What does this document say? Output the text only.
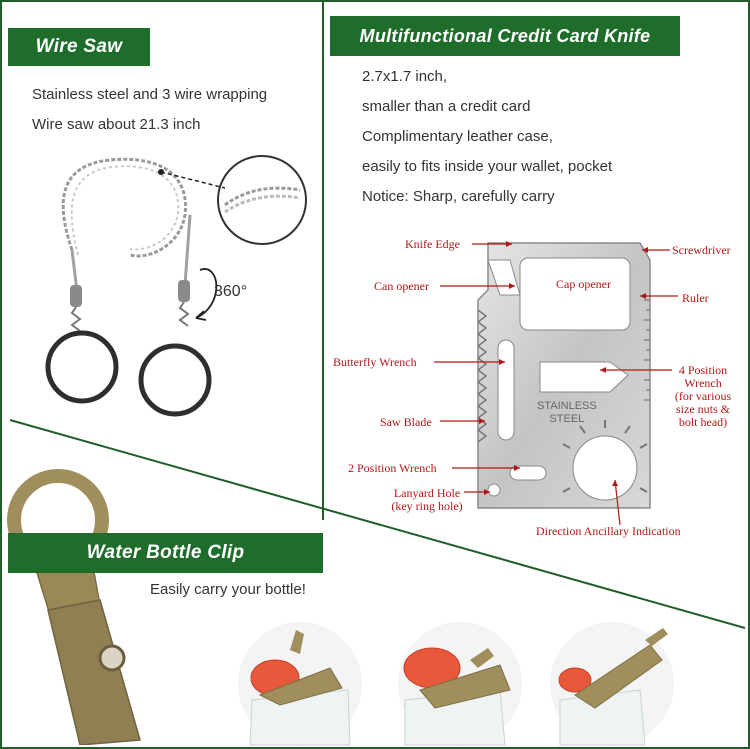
Wire Saw
Stainless steel and 3 wire wrapping
Wire saw about 21.3 inch
360°
Multifunctional Credit Card Knife
2.7x1.7 inch,
smaller than a credit card
Complimentary leather case,
easily to fits inside your wallet, pocket
Notice: Sharp, carefully carry
STAINLESS
STEEL
Knife Edge	Screwdriver
Can opener	Cap opener
Ruler
Butterfly Wrench
4 Position
Wrench
(for various
size nuts &
bolt head)
Saw Blade
2 Position Wrench
Lanyard Hole
(key ring hole)
Direction Ancillary Indication
Water Bottle Clip
Easily carry your bottle!
